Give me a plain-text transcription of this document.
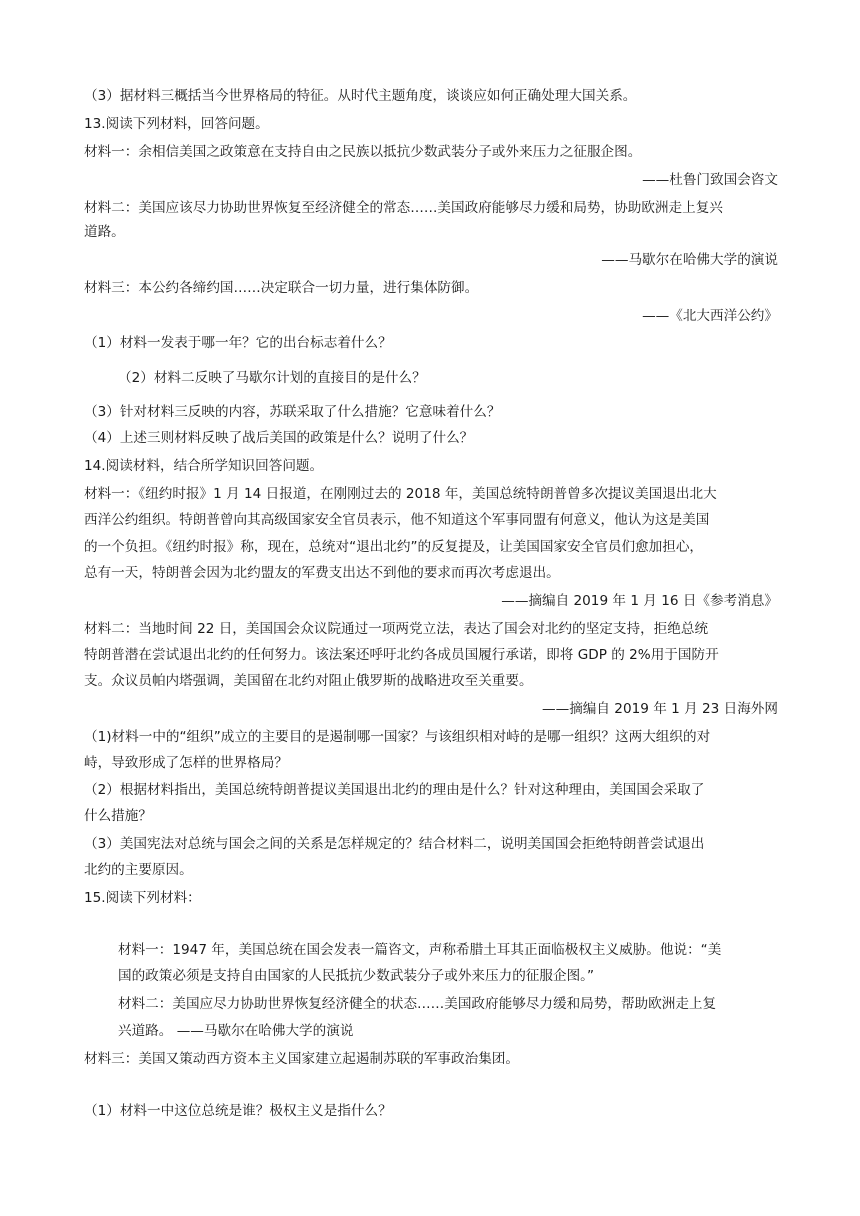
（3）据材料三概括当今世界格局的特征。从时代主题角度，谈谈应如何正确处理大国关系。
13.阅读下列材料，回答问题。
材料一：余相信美国之政策意在支持自由之民族以抵抗少数武装分子或外来压力之征服企图。
——杜鲁门致国会咨文
材料二：美国应该尽力协助世界恢复至经济健全的常态……美国政府能够尽力缓和局势，协助欧洲走上复兴
道路。
——马歇尔在哈佛大学的演说
材料三：本公约各缔约国……决定联合一切力量，进行集体防御。
——《北大西洋公约》
（1）材料一发表于哪一年？它的出台标志着什么？
（2）材料二反映了马歇尔计划的直接目的是什么？
（3）针对材料三反映的内容，苏联采取了什么措施？它意味着什么？
（4）上述三则材料反映了战后美国的政策是什么？说明了什么？
14.阅读材料，结合所学知识回答问题。
材料一：《纽约时报》1 月 14 日报道，在刚刚过去的 2018 年，美国总统特朗普曾多次提议美国退出北大
西洋公约组织。特朗普曾向其高级国家安全官员表示，他不知道这个军事同盟有何意义，他认为这是美国
的一个负担。《纽约时报》称，现在，总统对“退出北约”的反复提及，让美国国家安全官员们愈加担心，
总有一天，特朗普会因为北约盟友的军费支出达不到他的要求而再次考虑退出。
——摘编自 2019 年 1 月 16 日《参考消息》
材料二：当地时间 22 日，美国国会众议院通过一项两党立法，表达了国会对北约的坚定支持，拒绝总统
特朗普潜在尝试退出北约的任何努力。该法案还呼吁北约各成员国履行承诺，即将 GDP 的 2%用于国防开
支。众议员帕内塔强调，美国留在北约对阻止俄罗斯的战略进攻至关重要。
——摘编自 2019 年 1 月 23 日海外网
（1)材料一中的“组织”成立的主要目的是遏制哪一国家？与该组织相对峙的是哪一组织？这两大组织的对
峙，导致形成了怎样的世界格局？
（2）根据材料指出，美国总统特朗普提议美国退出北约的理由是什么？针对这种理由，美国国会采取了
什么措施？
（3）美国宪法对总统与国会之间的关系是怎样规定的？结合材料二，说明美国国会拒绝特朗普尝试退出
北约的主要原因。
15.阅读下列材料：
材料一：1947 年，美国总统在国会发表一篇咨文，声称希腊土耳其正面临极权主义威胁。他说：“美
国的政策必须是支持自由国家的人民抵抗少数武装分子或外来压力的征服企图。”
材料二：美国应尽力协助世界恢复经济健全的状态……美国政府能够尽力缓和局势，帮助欧洲走上复
兴道路。 ——马歇尔在哈佛大学的演说
材料三：美国又策动西方资本主义国家建立起遏制苏联的军事政治集团。
（1）材料一中这位总统是谁？极权主义是指什么？
